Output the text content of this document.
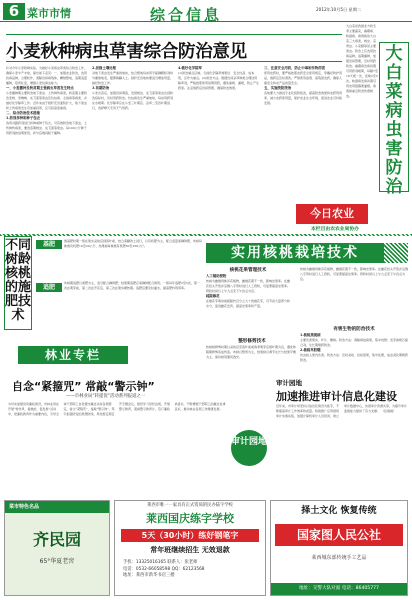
6 菜市市情	综合信息	2012年10月5日 星期二
小麦秋种病虫草害综合防治意见
针对今年小麦秋种实际，为做好小麦病虫草害综合防治工作，确保小麦丰产丰收，提出如下意见：一、加强农业防治，选用抗病品种，合理轮作，清除田间病残体，精细整地，适期适量播种，培育壮苗，增强小麦抗病虫能力。
一、小麦播种及秋苗期主要病虫草害发生特点
小麦播种期主要防治地下害虫、土传种传病害，秋苗期主要防治麦蚜、麦蜘蛛、灰飞虱等害虫及纹枯病、全蚀病等病害，并做好化学除草工作。近年来由于秸秆还田面积扩大，地下害虫和土传病害发生有加重趋势，应引起高度重视。
二、综合防治技术措施
1.药剂拌种和种子包衣
选用对路药剂进行拌种或种子包衣，可有效防治地下害虫、土传种传病害，兼治苗期蚜虫、灰飞虱等害虫。每100公斤种子用药剂按说明使用，拌匀后堆闷晾干播种。
2.加强土壤处理
对地下害虫发生严重的地块，结合整地每亩用辛硫磷颗粒剂均匀撒施地表，随即耕翻入土。秸秆还田地块要适当增加用量，做好防治工作。
3.苗期防治
小麦出苗后，加强田间调查，发现蚜虫、灰飞虱等害虫达到防治指标时，及时用药防治。纹枯病发生严重地块，每亩用药剂兑水喷雾。化学除草应在小麦三叶期后、杂草二至四叶期进行，选择晴天无风天气用药。
4.做好化学除草
(1)防治重点区域。冬前化学除草效果好、安全性高、成本低，应作为重点。(2)防治方法。根据田间杂草种类合理选用除草剂，严格按照使用说明用药，避免重喷、漏喷，防止产生药害。注意施药后田间管理，确保防治效果。
三、注意安全用药，防止中毒和作物药害
使用农药时，要严格按照农药安全使用规定，穿戴好防护用品，施药后及时清洗。严禁使用高毒、高残留农药，确保人畜安全和农产品质量安全。
五、实施统防统治
各地要大力推进专业化统防统治，提高防治效果和农药利用率，减少农药使用量，保护农业生态环境，促进农业可持续发展。
大白菜是我国北方秋冬季主要蔬菜，霜霉病、软腐病、病毒病是大白菜三大病害，蚜虫、菜青虫、小菜蛾等是主要害虫。防治上应选用抗病品种，适期播种，加强田间管理，及时用药防治。霜霉病发病初期可用药剂喷雾，每隔7至10天喷一次，连喷2至3次。软腐病发病初期可用农用链霉素灌根。病毒病重点防治传毒蚜虫。
大白菜病虫害防治
今日农业
本栏目由农农业局协办
不同树龄核桃的施肥技术
基肥	施基肥时期一般在果实采收后到落叶前，结合深翻改土进行，以有机肥为主，配合适量氮磷钾肥，幼树每株施有机肥10至20公斤，结果树每株施有机肥50至100公斤。
追肥
幼树期追肥以氮肥为主，适当配合磷钾肥；结果期追肥应氮磷钾配合施用。一般每年追肥2至3次，第一次在萌芽前，第二次在开花后，第三次在果实硬核期。追肥后要及时灌水，提高肥料利用率。
实用核桃栽培技术
核桃花果管理技术
人工辅助授粉
核桃为雌雄同株异花植物，雌雄花期不一致，影响坐果率。在雌花柱头开裂并呈倒八字形时进行人工授粉，可显著提高坐果率。授粉时间以上午九点至下午四点为宜。
疏除雄花
在雄花芽萌动前疏除约百分之九十的雄花芽，可节省大量养分和水分，促进雌花发育，提高坐果率和产量。
整形修剪技术
核桃树修剪时期以采收后至落叶前或春季萌芽后展叶期为宜，避免休眠期修剪造成伤流。幼树以整形为主，结果树以调节生长与结果平衡为主，保持树冠通风透光。
核桃为雌雄同株异花植物，雌雄花期不一致，影响坐果率。在雌花柱头开裂并呈倒八字形时进行人工授粉，可显著提高坐果率。授粉时间以上午九点至下午四点为宜。
有害生物的防治技术
1.核桃黑斑病
主要危害果实、叶片、嫩梢。防治方法：清除病枝病果，集中烧毁；发芽前喷石硫合剂，生长期喷药防治。
2.核桃举肢蛾
幼虫蛀入果内危害。防治方法：及时采收、捡拾落果，集中处理，成虫羽化期喷药防治。
林业专栏
自念“紧箍咒” 常敲“警示钟”
——市林业局“转提促”活动系列报道之一
为切实加强党风廉政建设，市林业局在开展“转作风、提效能、促发展”活动中，把廉政教育作为重要内容，引导全体干部职工自觉遵守廉洁从政各项规定，常念“紧箍咒”，常敲“警示钟”，筑牢拒腐防变的思想防线。局党组定期召开专题会议，组织学习党纪法规，开展警示教育，观看警示教育片，签订廉政承诺书，不断增强干部职工的廉洁自律意识，推动林业各项工作健康发展。
审计园地
审计园地
加速推进审计信息化建设
近年来，市审计局坚持以信息化建设为抓手，不断提高审计工作效率和质量。积极推广应用现场审计实施系统，加强计算机审计人员培训，建立审计数据中心，实现审计资源共享，为提升审计监督能力提供了有力支撑。 （张晨晨）
菜市特色名品
齐民园
65°华夏老窖
莱西市唯一一家具有正式资质的民办陆宇学校
莱西国庆练字学校
5天（30小时）练好钢笔字
常年班继续招生 无效退款
手机：13325016165 联系人：张老师
电话：0532-66058598 QQ：62123568
地址：莱西市新华书店三楼
择土文化 恢复传统
国家图人民公社
莱西城东部传统手工艺品
地址：交警大队对面 电话：86405777
